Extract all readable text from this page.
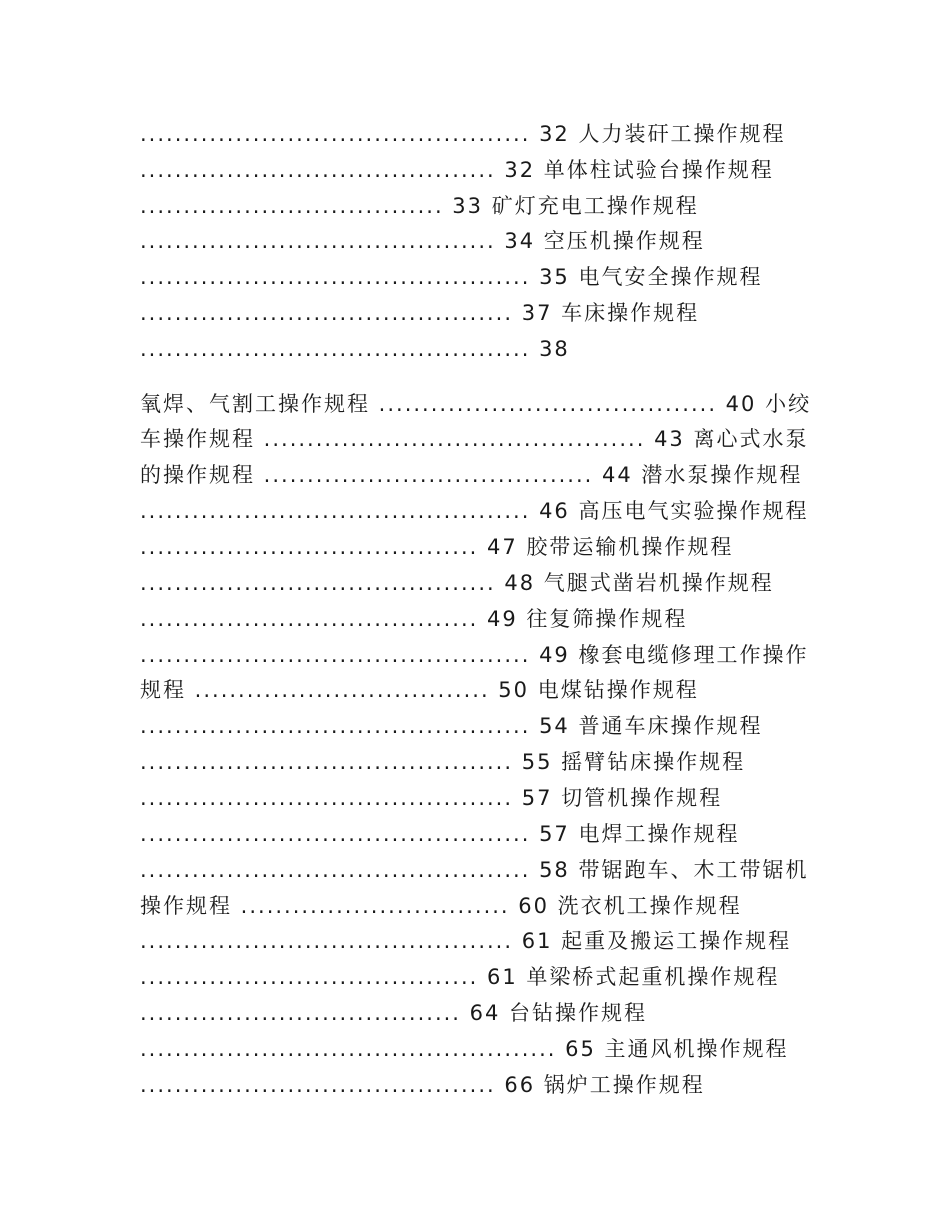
............................................. 32 人力装矸工操作规程
......................................... 32 单体柱试验台操作规程
................................... 33 矿灯充电工操作规程
......................................... 34 空压机操作规程
............................................. 35 电气安全操作规程
........................................... 37 车床操作规程
............................................. 38
氧焊、气割工操作规程 ....................................... 40 小绞
车操作规程 ............................................ 43 离心式水泵
的操作规程 ...................................... 44 潜水泵操作规程
............................................. 46 高压电气实验操作规程
....................................... 47 胶带运输机操作规程
......................................... 48 气腿式凿岩机操作规程
....................................... 49 往复筛操作规程
............................................. 49 橡套电缆修理工作操作
规程 .................................. 50 电煤钻操作规程
............................................. 54 普通车床操作规程
........................................... 55 摇臂钻床操作规程
........................................... 57 切管机操作规程
............................................. 57 电焊工操作规程
............................................. 58 带锯跑车、木工带锯机
操作规程 ............................... 60 洗衣机工操作规程
........................................... 61 起重及搬运工操作规程
....................................... 61 单梁桥式起重机操作规程
..................................... 64 台钻操作规程
................................................ 65 主通风机操作规程
......................................... 66 锅炉工操作规程
